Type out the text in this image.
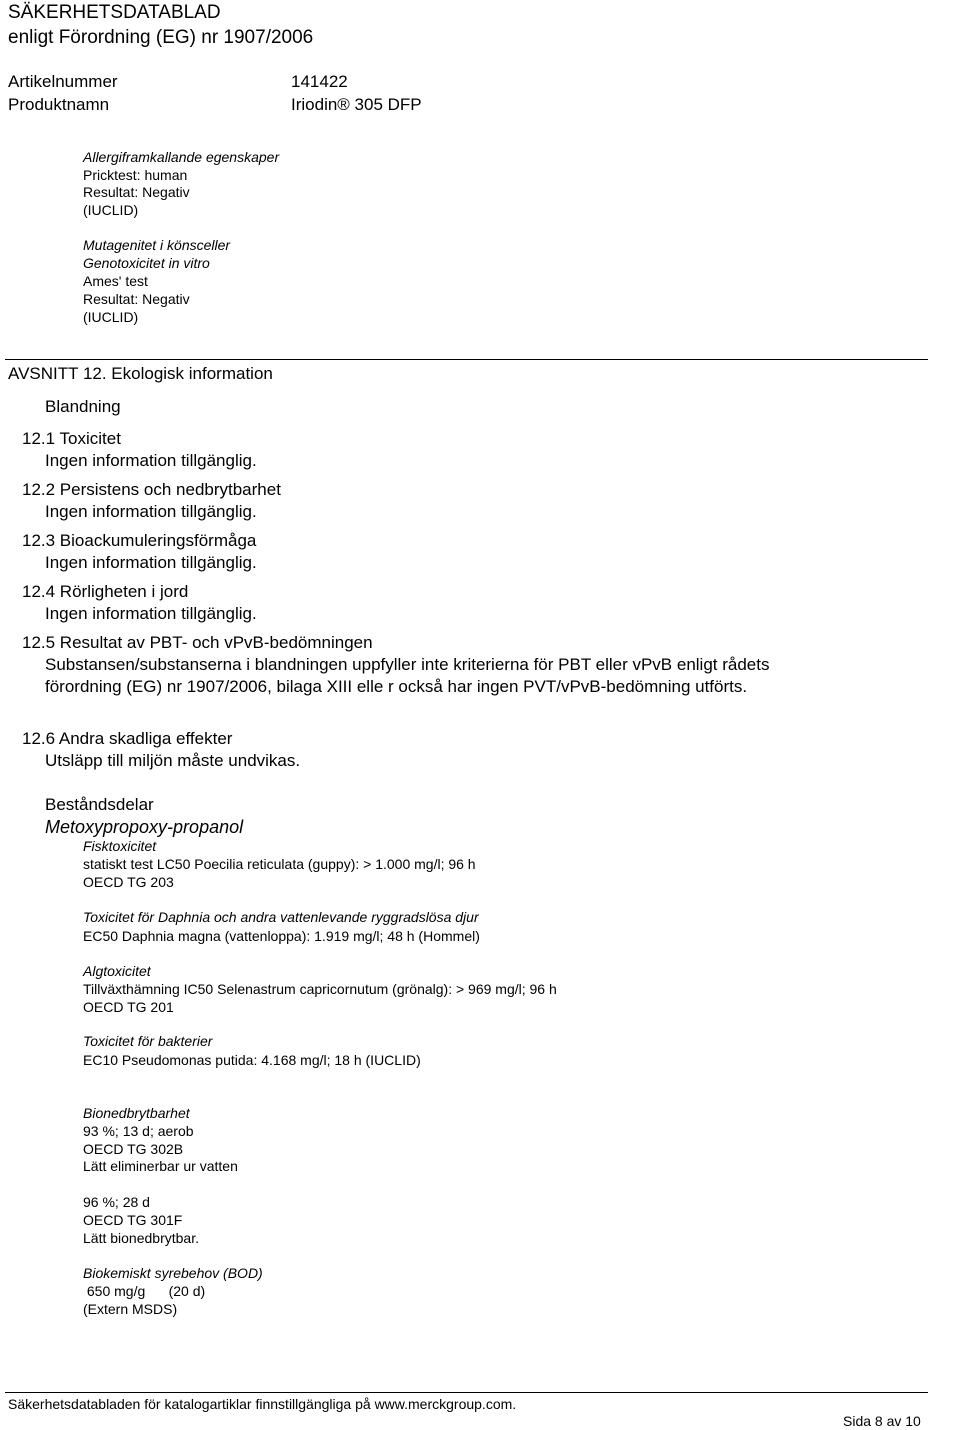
SÄKERHETSDATABLAD
enligt Förordning (EG) nr 1907/2006
Artikelnummer	141422
Produktnamn	Iriodin® 305 DFP
Allergiframkallande egenskaper
Pricktest: human
Resultat: Negativ
(IUCLID)
Mutagenitet i könsceller
Genotoxicitet in vitro
Ames' test
Resultat: Negativ
(IUCLID)
AVSNITT 12. Ekologisk information
Blandning
12.1 Toxicitet
Ingen information tillgänglig.
12.2 Persistens och nedbrytbarhet
Ingen information tillgänglig.
12.3 Bioackumuleringsförmåga
Ingen information tillgänglig.
12.4 Rörligheten i jord
Ingen information tillgänglig.
12.5 Resultat av PBT- och vPvB-bedömningen
Substansen/substanserna i blandningen uppfyller inte kriterierna för PBT eller vPvB enligt rådets förordning (EG) nr 1907/2006, bilaga XIII elle r också har ingen PVT/vPvB-bedömning utförts.
12.6 Andra skadliga effekter
Utsläpp till miljön måste undvikas.
Beståndsdelar
Metoxypropoxy-propanol
Fisktoxicitet
statiskt test LC50 Poecilia reticulata (guppy): > 1.000 mg/l; 96 h
OECD TG 203
Toxicitet för Daphnia och andra vattenlevande ryggradslösa djur
EC50 Daphnia magna (vattenloppa): 1.919 mg/l; 48 h (Hommel)
Algtoxicitet
Tillväxthämning IC50 Selenastrum capricornutum (grönalg): > 969 mg/l; 96 h
OECD TG 201
Toxicitet för bakterier
EC10 Pseudomonas putida: 4.168 mg/l; 18 h (IUCLID)
Bionedbrytbarhet
93 %; 13 d; aerob
OECD TG 302B
Lätt eliminerbar ur vatten
96 %; 28 d
OECD TG 301F
Lätt bionedbrytbar.
Biokemiskt syrebehov (BOD)
650 mg/g      (20 d)
(Extern MSDS)
Säkerhetsdatabladen för katalogartiklar finnstillgängliga på www.merckgroup.com.
Sida 8 av 10
